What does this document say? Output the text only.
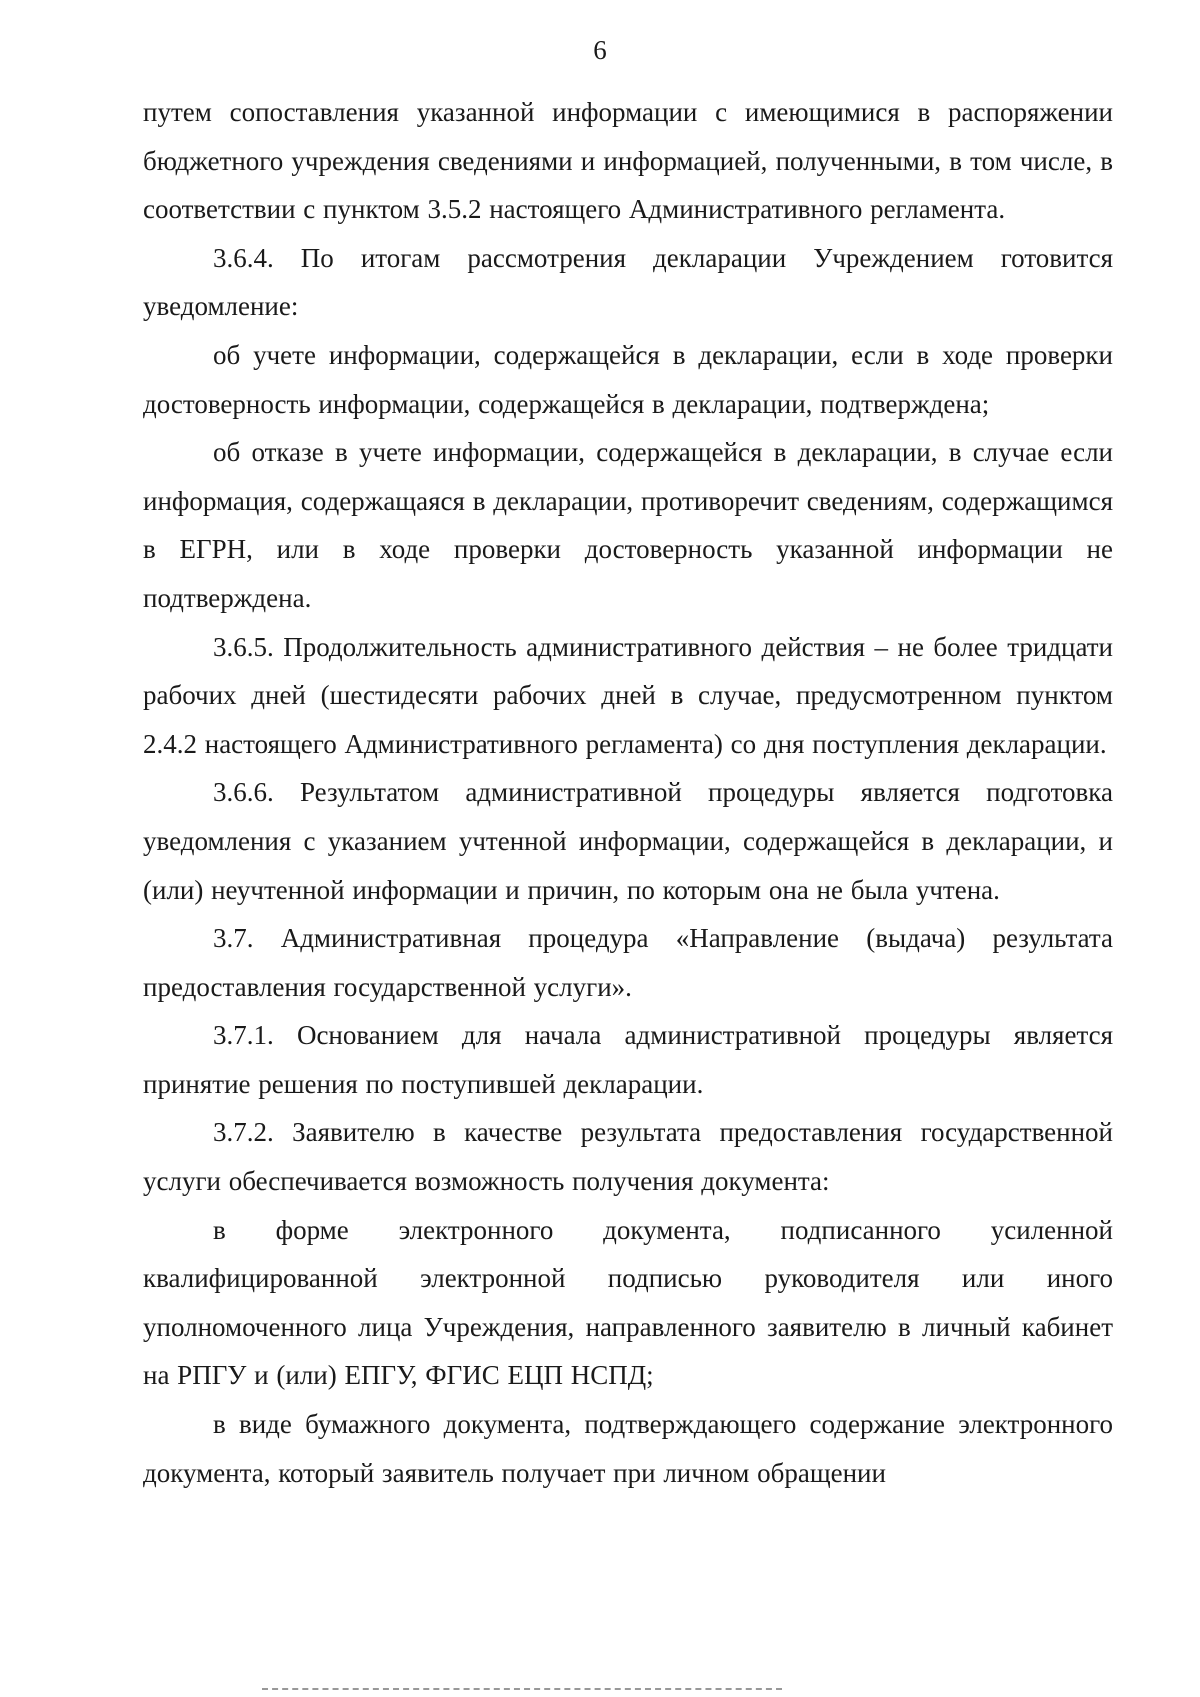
6

путем сопоставления указанной информации с имеющимися в распоряжении бюджетного учреждения сведениями и информацией, полученными, в том числе, в соответствии с пунктом 3.5.2 настоящего Административного регламента.

3.6.4. По итогам рассмотрения декларации Учреждением готовится уведомление:

об учете информации, содержащейся в декларации, если в ходе проверки достоверность информации, содержащейся в декларации, подтверждена;

об отказе в учете информации, содержащейся в декларации, в случае если информация, содержащаяся в декларации, противоречит сведениям, содержащимся в ЕГРН, или в ходе проверки достоверность указанной информации не подтверждена.

3.6.5. Продолжительность административного действия – не более тридцати рабочих дней (шестидесяти рабочих дней в случае, предусмотренном пунктом 2.4.2 настоящего Административного регламента) со дня поступления декларации.

3.6.6. Результатом административной процедуры является подготовка уведомления с указанием учтенной информации, содержащейся в декларации, и (или) неучтенной информации и причин, по которым она не была учтена.

3.7. Административная процедура «Направление (выдача) результата предоставления государственной услуги».

3.7.1. Основанием для начала административной процедуры является принятие решения по поступившей декларации.

3.7.2. Заявителю в качестве результата предоставления государственной услуги обеспечивается возможность получения документа:

в форме электронного документа, подписанного усиленной квалифицированной электронной подписью руководителя или иного уполномоченного лица Учреждения, направленного заявителю в личный кабинет на РПГУ и (или) ЕПГУ, ФГИС ЕЦП НСПД;

в виде бумажного документа, подтверждающего содержание электронного документа, который заявитель получает при личном обращении
